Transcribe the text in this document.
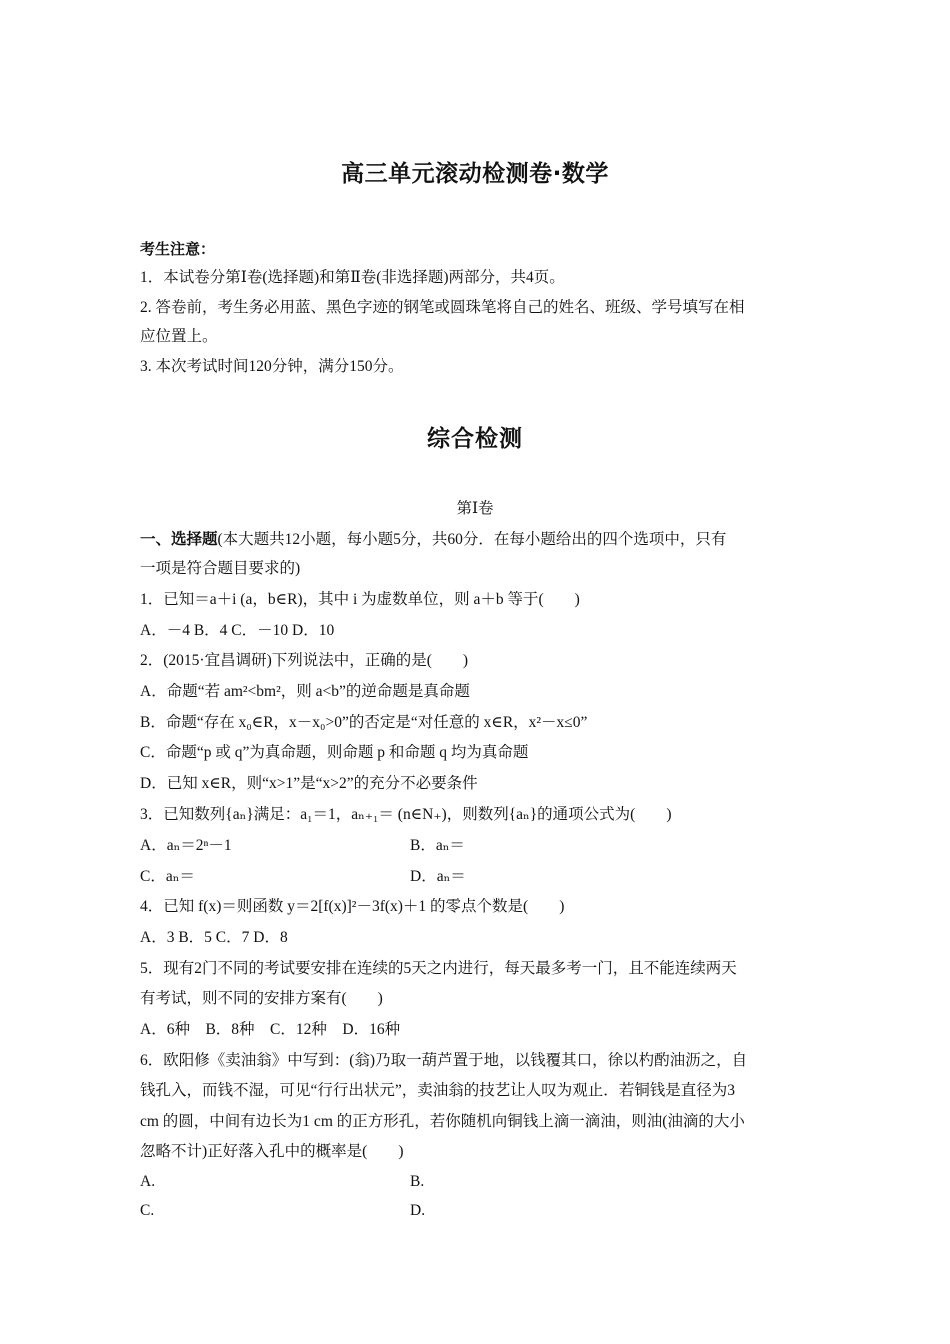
高三单元滚动检测卷·数学
考生注意：
1．本试卷分第Ⅰ卷(选择题)和第Ⅱ卷(非选择题)两部分，共4页。
2. 答卷前，考生务必用蓝、黑色字迹的钢笔或圆珠笔将自己的姓名、班级、学号填写在相
应位置上。
3. 本次考试时间120分钟，满分150分。
综合检测
第Ⅰ卷
一、选择题(本大题共12小题，每小题5分，共60分．在每小题给出的四个选项中，只有
一项是符合题目要求的)
1．已知＝a＋i (a，b∈R)，其中 i 为虚数单位，则 a＋b 等于(　　)
A．－4 B．4 C．－10 D．10
2．(2015·宜昌调研)下列说法中，正确的是(　　)
A．命题“若 am²<bm²，则 a<b”的逆命题是真命题
B．命题“存在 x₀∈R，x－x₀>0”的否定是“对任意的 x∈R，x²－x≤0”
C．命题“p 或 q”为真命题，则命题 p 和命题 q 均为真命题
D．已知 x∈R，则“x>1”是“x>2”的充分不必要条件
3．已知数列{aₙ}满足：a₁＝1，aₙ₊₁＝ (n∈N₊)，则数列{aₙ}的通项公式为(　　)
A．aₙ＝2ⁿ－1	B．aₙ＝
C．aₙ＝	D．aₙ＝
4．已知 f(x)＝则函数 y＝2[f(x)]²－3f(x)＋1 的零点个数是(　　)
A．3 B．5 C．7 D．8
5．现有2门不同的考试要安排在连续的5天之内进行，每天最多考一门，且不能连续两天
有考试，则不同的安排方案有(　　)
A．6种　B．8种　C．12种　D．16种
6．欧阳修《卖油翁》中写到：(翁)乃取一葫芦置于地，以钱覆其口，徐以杓酌油沥之，自
钱孔入，而钱不湿，可见“行行出状元”，卖油翁的技艺让人叹为观止．若铜钱是直径为3
cm 的圆，中间有边长为1 cm 的正方形孔，若你随机向铜钱上滴一滴油，则油(油滴的大小
忽略不计)正好落入孔中的概率是(　　)
A.	B.
C.	D.
